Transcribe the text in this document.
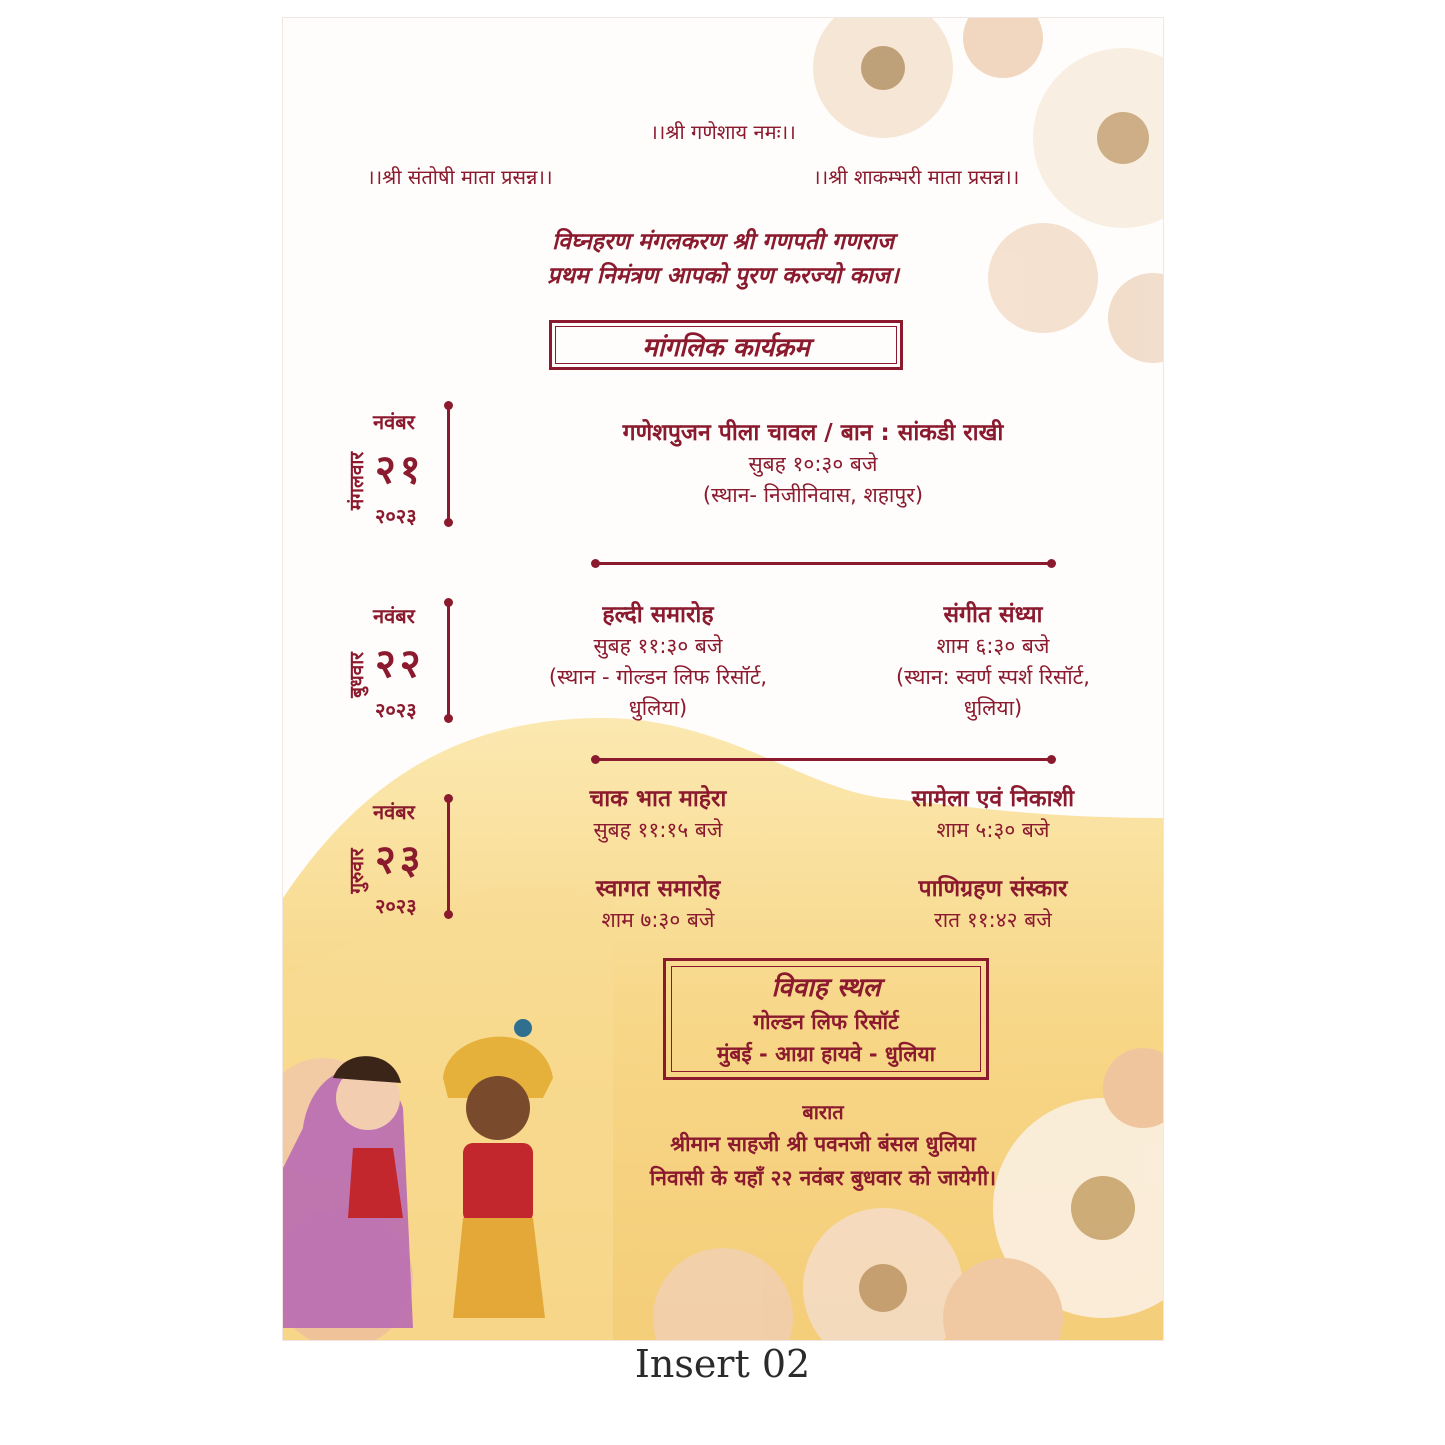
।।श्री गणेशाय नमः।।
।।श्री संतोषी माता प्रसन्न।।	।।श्री शाकम्भरी माता प्रसन्न।।
विघ्नहरण मंगलकरण श्री गणपती गणराज
प्रथम निमंत्रण आपको पुरण करज्यो काज।
मांगलिक कार्यक्रम
नवंबर
२१
२०२३
मंगलवार
गणेशपुजन पीला चावल / बान : सांकडी राखी
सुबह १०:३० बजे
(स्थान- निजीनिवास, शहापुर)
नवंबर
२२
२०२३
बुधवार
हल्दी समारोह
सुबह ११:३० बजे
(स्थान - गोल्डन लिफ रिसॉर्ट,
धुलिया)
संगीत संध्या
शाम ६:३० बजे
(स्थान: स्वर्ण स्पर्श रिसॉर्ट,
धुलिया)
नवंबर
२३
२०२३
गुरुवार
चाक भात माहेरा
सुबह ११:१५ बजे
सामेला एवं निकाशी
शाम ५:३० बजे
स्वागत समारोह
शाम ७:३० बजे
पाणिग्रहण संस्कार
रात ११:४२ बजे
विवाह स्थल
गोल्डन लिफ रिसॉर्ट
मुंबई - आग्रा हायवे - धुलिया
बारात
श्रीमान साहजी श्री पवनजी बंसल धुलिया
निवासी के यहाँ २२ नवंबर बुधवार को जायेगी।
Insert 02
